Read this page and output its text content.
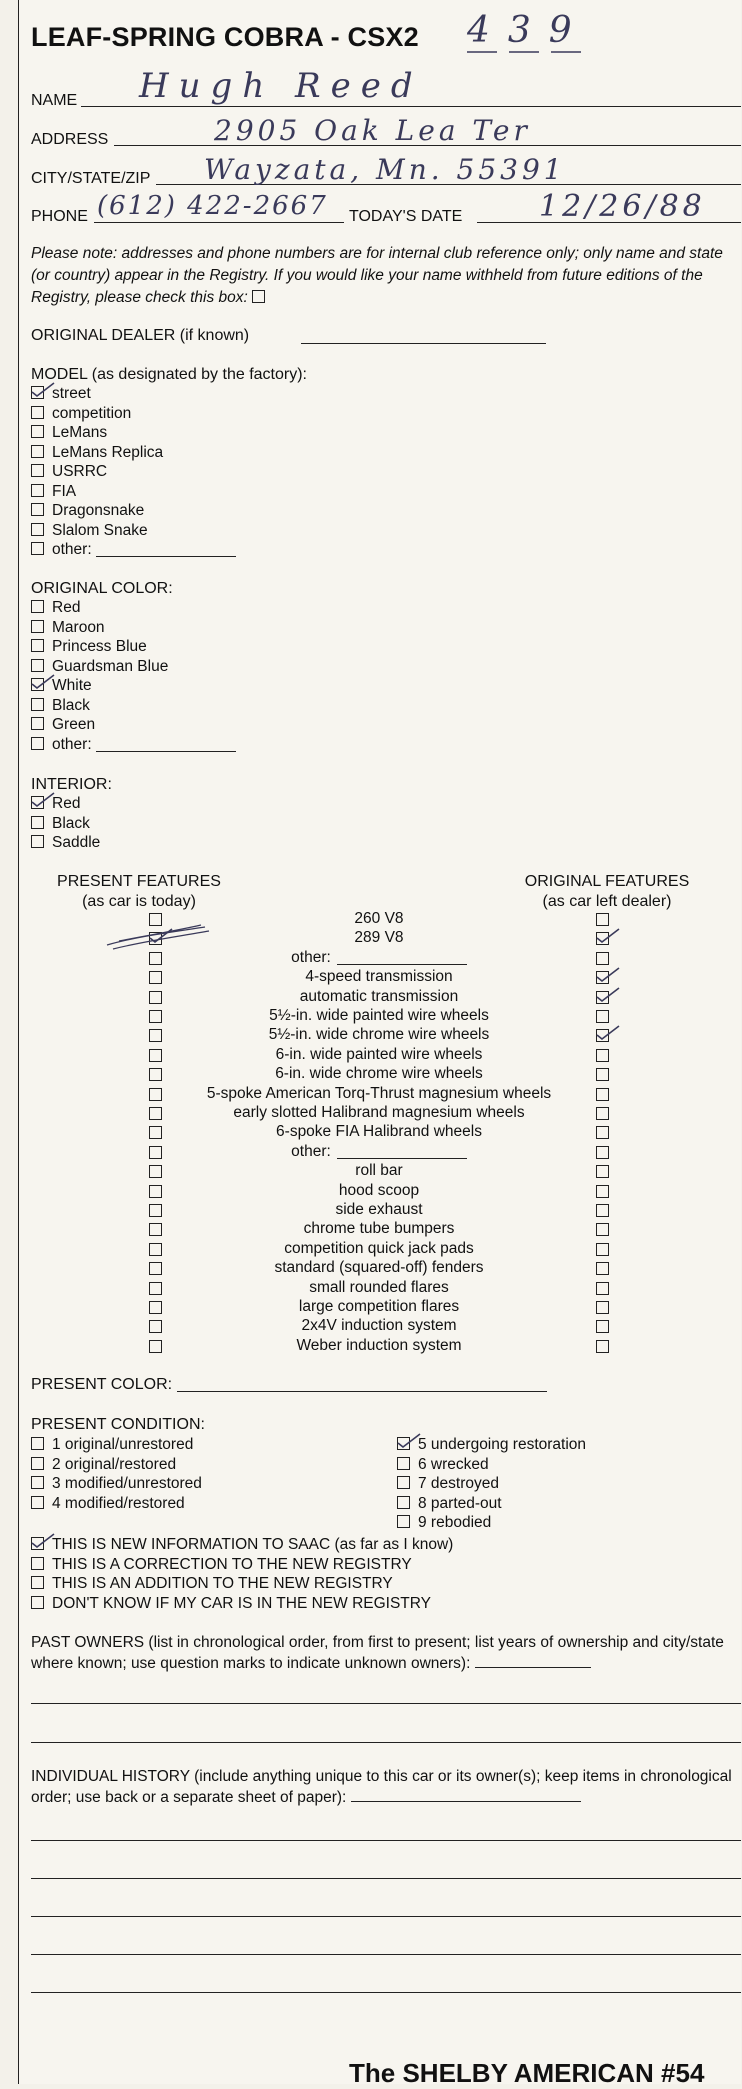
LEAF-SPRING COBRA - CSX2 439
NAME Hugh Reed
ADDRESS	2905 Oak Lea Ter
CITY/STATE/ZIP Wayzata, Mn. 55391
PHONE (612) 422-2667 TODAY'S DATE	12/26/88
Please note: addresses and phone numbers are for internal club reference only; only name and state (or country) appear in the Registry. If you would like your name withheld from future editions of the Registry, please check this box:
ORIGINAL DEALER (if known)
MODEL (as designated by the factory):
street
competition
LeMans
LeMans Replica
USRRC
FIA
Dragonsnake
Slalom Snake
other:
ORIGINAL COLOR:
Red
Maroon
Princess Blue
Guardsman Blue
White
Black
Green
other:
INTERIOR:
Red
Black
Saddle
PRESENT FEATURES
(as car is today)
ORIGINAL FEATURES
(as car left dealer)
260 V8
289 V8
other:
4-speed transmission
automatic transmission
5½-in. wide painted wire wheels
5½-in. wide chrome wire wheels
6-in. wide painted wire wheels
6-in. wide chrome wire wheels
5-spoke American Torq-Thrust magnesium wheels
early slotted Halibrand magnesium wheels
6-spoke FIA Halibrand wheels
other:
roll bar
hood scoop
side exhaust
chrome tube bumpers
competition quick jack pads
standard (squared-off) fenders
small rounded flares
large competition flares
2x4V induction system
Weber induction system
PRESENT COLOR:
PRESENT CONDITION:
1 original/unrestored
2 original/restored
3 modified/unrestored
4 modified/restored
5 undergoing restoration
6 wrecked
7 destroyed
8 parted-out
9 rebodied
THIS IS NEW INFORMATION TO SAAC (as far as I know)
THIS IS A CORRECTION TO THE NEW REGISTRY
THIS IS AN ADDITION TO THE NEW REGISTRY
DON'T KNOW IF MY CAR IS IN THE NEW REGISTRY
PAST OWNERS (list in chronological order, from first to present; list years of ownership and city/state where known; use question marks to indicate unknown owners):
INDIVIDUAL HISTORY (include anything unique to this car or its owner(s); keep items in chronological order; use back or a separate sheet of paper):
The SHELBY AMERICAN #54
